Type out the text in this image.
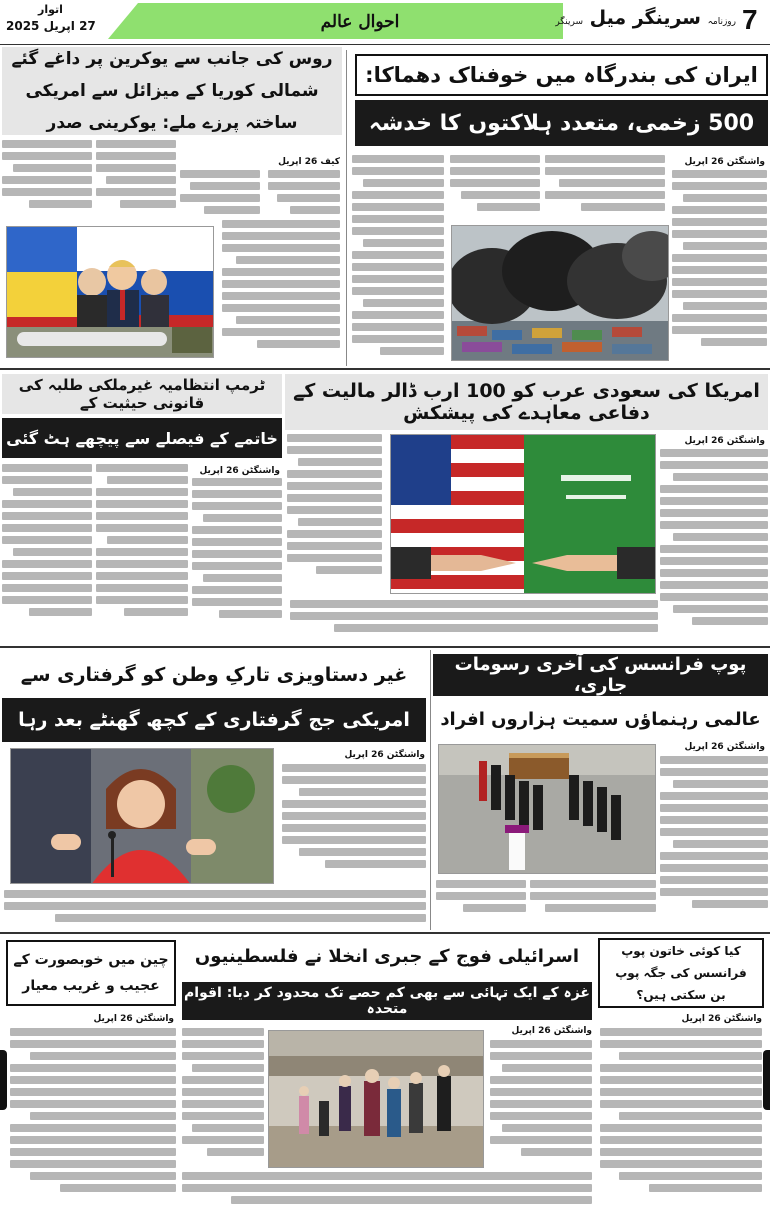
احوال عالم	7
روزنامہ سرینگر میل سرینگر
اتوار
27 اپریل 2025
ایران کی بندرگاہ میں خوفناک دھماکا:
500 زخمی، متعدد ہلاکتوں کا خدشہ
واشنگٹن 26 اپریل
روس کی جانب سے یوکرین پر داغے گئے شمالی کوریا کے میزائل سے امریکی ساختہ پرزے ملے: یوکرینی صدر
کیف 26 اپریل
امریکا کی سعودی عرب کو 100 ارب ڈالر مالیت کے دفاعی معاہدے کی پیشکش
واشنگٹن 26 اپریل
ٹرمپ انتظامیہ غیرملکی طلبہ کی قانونی حیثیت کے
خاتمے کے فیصلے سے پیچھے ہٹ گئی
واشنگٹن 26 اپریل
پوپ فرانسس کی آخری رسومات جاری،
عالمی رہنماؤں سمیت ہزاروں افراد
واشنگٹن 26 اپریل
غیر دستاویزی تارکِ وطن کو گرفتاری سے
امریکی جج گرفتاری کے کچھ گھنٹے بعد رہا
واشنگٹن 26 اپریل
اسرائیلی فوج کے جبری انخلا نے فلسطینیوں
غزہ کے ایک تہائی سے بھی کم حصے تک محدود کر دیا: اقوام متحدہ
واشنگٹن 26 اپریل
چین میں خوبصورت کے
عجیب و غریب معیار
واشنگٹن 26 اپریل
کیا کوئی خاتون پوپ فرانسس کی جگہ پوپ بن سکتی ہیں؟
واشنگٹن 26 اپریل
